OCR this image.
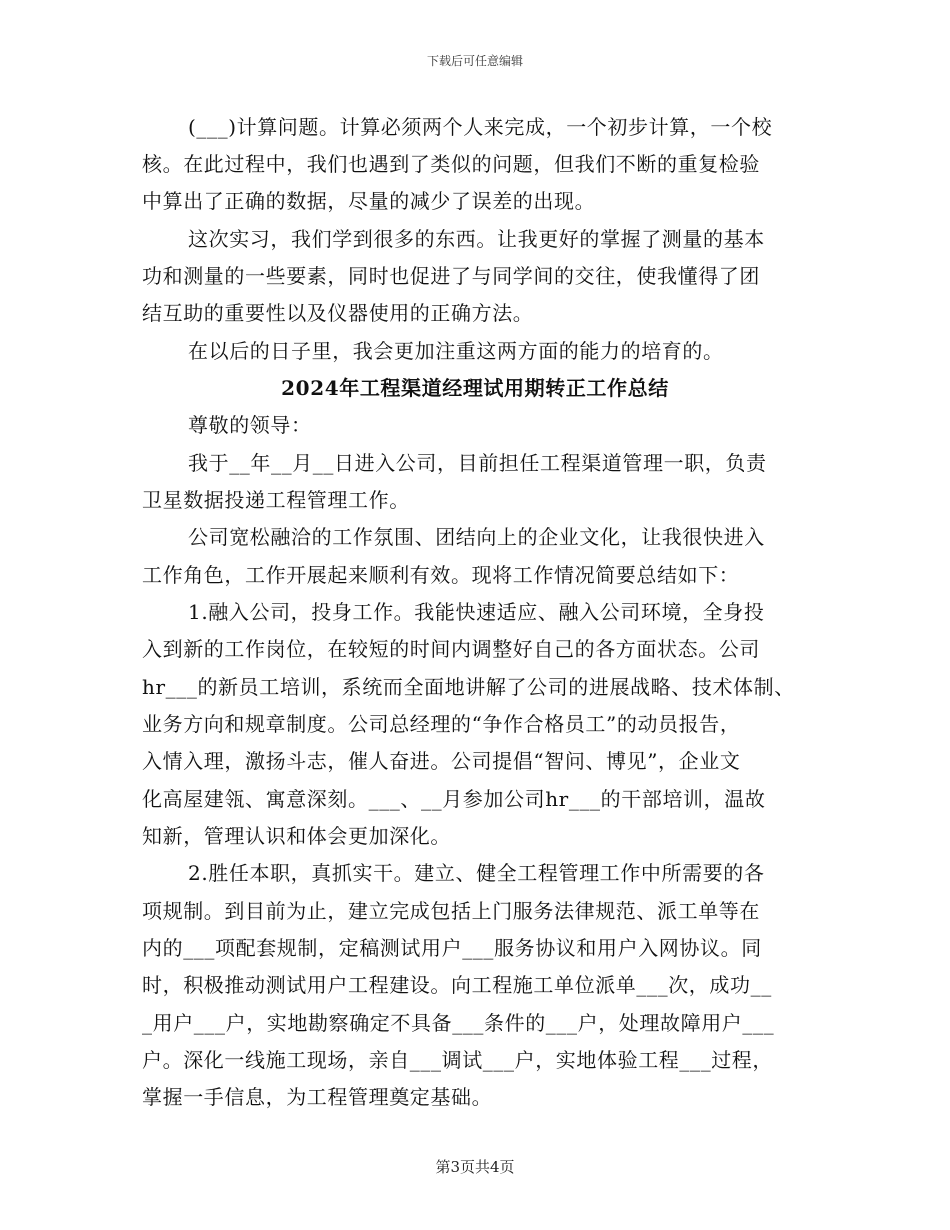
下载后可任意编辑
(___)计算问题。计算必须两个人来完成，一个初步计算，一个校
核。在此过程中，我们也遇到了类似的问题，但我们不断的重复检验
中算出了正确的数据，尽量的减少了误差的出现。
这次实习，我们学到很多的东西。让我更好的掌握了测量的基本
功和测量的一些要素，同时也促进了与同学间的交往，使我懂得了团
结互助的重要性以及仪器使用的正确方法。
在以后的日子里，我会更加注重这两方面的能力的培育的。
2024年工程渠道经理试用期转正工作总结
尊敬的领导：
我于__年__月__日进入公司，目前担任工程渠道管理一职，负责
卫星数据投递工程管理工作。
公司宽松融洽的工作氛围、团结向上的企业文化，让我很快进入
工作角色，工作开展起来顺利有效。现将工作情况简要总结如下：
1.融入公司，投身工作。我能快速适应、融入公司环境，全身投
入到新的工作岗位，在较短的时间内调整好自己的各方面状态。公司
hr___的新员工培训，系统而全面地讲解了公司的进展战略、技术体制、
业务方向和规章制度。公司总经理的“争作合格员工”的动员报告，
入情入理，激扬斗志，催人奋进。公司提倡“智问、博见”，企业文
化高屋建瓴、寓意深刻。___、__月参加公司hr___的干部培训，温故
知新，管理认识和体会更加深化。
2.胜任本职，真抓实干。建立、健全工程管理工作中所需要的各
项规制。到目前为止，建立完成包括上门服务法律规范、派工单等在
内的___项配套规制，定稿测试用户___服务协议和用户入网协议。同
时，积极推动测试用户工程建设。向工程施工单位派单___次，成功__
_用户___户，实地勘察确定不具备___条件的___户，处理故障用户___
户。深化一线施工现场，亲自___调试___户，实地体验工程___过程，
掌握一手信息，为工程管理奠定基础。
第3页共4页
